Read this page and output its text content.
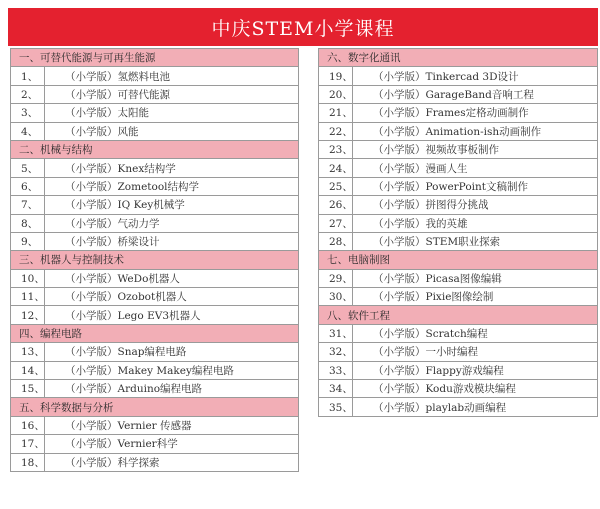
中庆STEM小学课程
一、可替代能源与可再生能源
1、	（小学版）氢燃料电池
2、	（小学版）可替代能源
3、	（小学版）太阳能
4、	（小学版）风能
二、机械与结构
5、	（小学版）Knex结构学
6、	（小学版）Zometool结构学
7、	（小学版）IQ Key机械学
8、	（小学版）气动力学
9、	（小学版）桥梁设计
三、机器人与控制技术
10、	（小学版）WeDo机器人
11、	（小学版）Ozobot机器人
12、	（小学版）Lego EV3机器人
四、编程电路
13、	（小学版）Snap编程电路
14、	（小学版）Makey Makey编程电路
15、	（小学版）Arduino编程电路
五、科学数据与分析
16、	（小学版）Vernier 传感器
17、	（小学版）Vernier科学
18、	（小学版）科学探索
六、数字化通讯
19、	（小学版）Tinkercad 3D设计
20、	（小学版）GarageBand音响工程
21、	（小学版）Frames定格动画制作
22、	（小学版）Animation-ish动画制作
23、	（小学版）视频故事板制作
24、	（小学版）漫画人生
25、	（小学版）PowerPoint文稿制作
26、	（小学版）拼图得分挑战
27、	（小学版）我的英雄
28、	（小学版）STEM职业探索
七、电脑制图
29、	（小学版）Picasa图像编辑
30、	（小学版）Pixie图像绘制
八、软件工程
31、	（小学版）Scratch编程
32、	（小学版）一小时编程
33、	（小学版）Flappy游戏编程
34、	（小学版）Kodu游戏模块编程
35、	（小学版）playlab动画编程
